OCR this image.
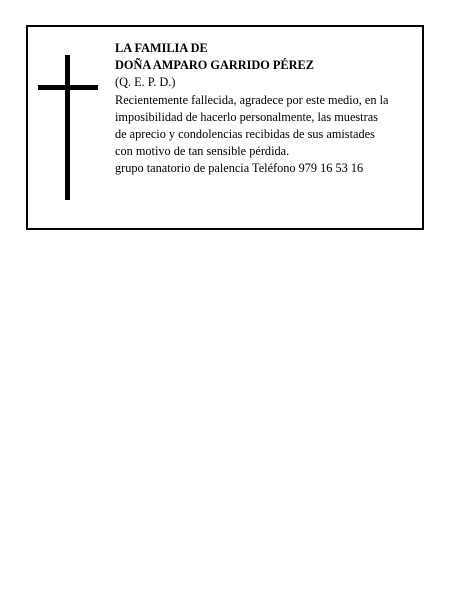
LA FAMILIA DE
DOÑA AMPARO GARRIDO PÉREZ
(Q. E. P. D.)
Recientemente fallecida, agradece por este medio, en la
imposibilidad de hacerlo personalmente, las muestras
de aprecio y condolencias recibidas de sus amistades
con motivo de tan sensible pérdida.
grupo tanatorio de palencia Teléfono 979 16 53 16
